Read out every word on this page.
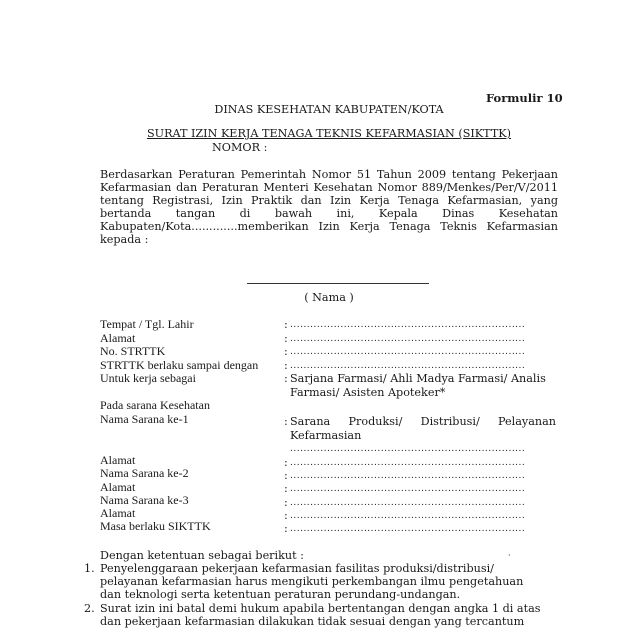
Formulir 10
DINAS KESEHATAN KABUPATEN/KOTA
SURAT IZIN KERJA TENAGA TEKNIS KEFARMASIAN (SIKTTK)
NOMOR :
Berdasarkan Peraturan Pemerintah Nomor 51 Tahun 2009 tentang Pekerjaan
Kefarmasian dan Peraturan Menteri Kesehatan Nomor 889/Menkes/Per/V/2011
tentang Registrasi, Izin Praktik dan Izin Kerja Tenaga Kefarmasian, yang
bertanda tangan di bawah ini, Kepala Dinas Kesehatan
Kabupaten/Kota.............memberikan Izin Kerja Tenaga Teknis Kefarmasian
kepada :
( Nama )
Tempat / Tgl. Lahir	: ......................................................................
Alamat	: ......................................................................
No. STRTTK	: ......................................................................
STRTTK berlaku sampai dengan : ......................................................................
Untuk kerja sebagai	: Sarjana Farmasi/ Ahli Madya Farmasi/ Analis
Farmasi/ Asisten Apoteker*
Pada sarana Kesehatan
Nama Sarana ke-1	: Sarana Produksi/ Distribusi/ Pelayanan
Kefarmasian
......................................................................
Alamat	: ......................................................................
Nama Sarana ke-2	: ......................................................................
Alamat	: ......................................................................
Nama Sarana ke-3	: ......................................................................
Alamat	: ......................................................................
Masa berlaku SIKTTK	: ......................................................................
Dengan ketentuan sebagai berikut :	·
1. Penyelenggaraan pekerjaan kefarmasian fasilitas produksi/distribusi/
pelayanan kefarmasian harus mengikuti perkembangan ilmu pengetahuan
dan teknologi serta ketentuan peraturan perundang-undangan.
2. Surat izin ini batal demi hukum apabila bertentangan dengan angka 1 di atas
dan pekerjaan kefarmasian dilakukan tidak sesuai dengan yang tercantum
